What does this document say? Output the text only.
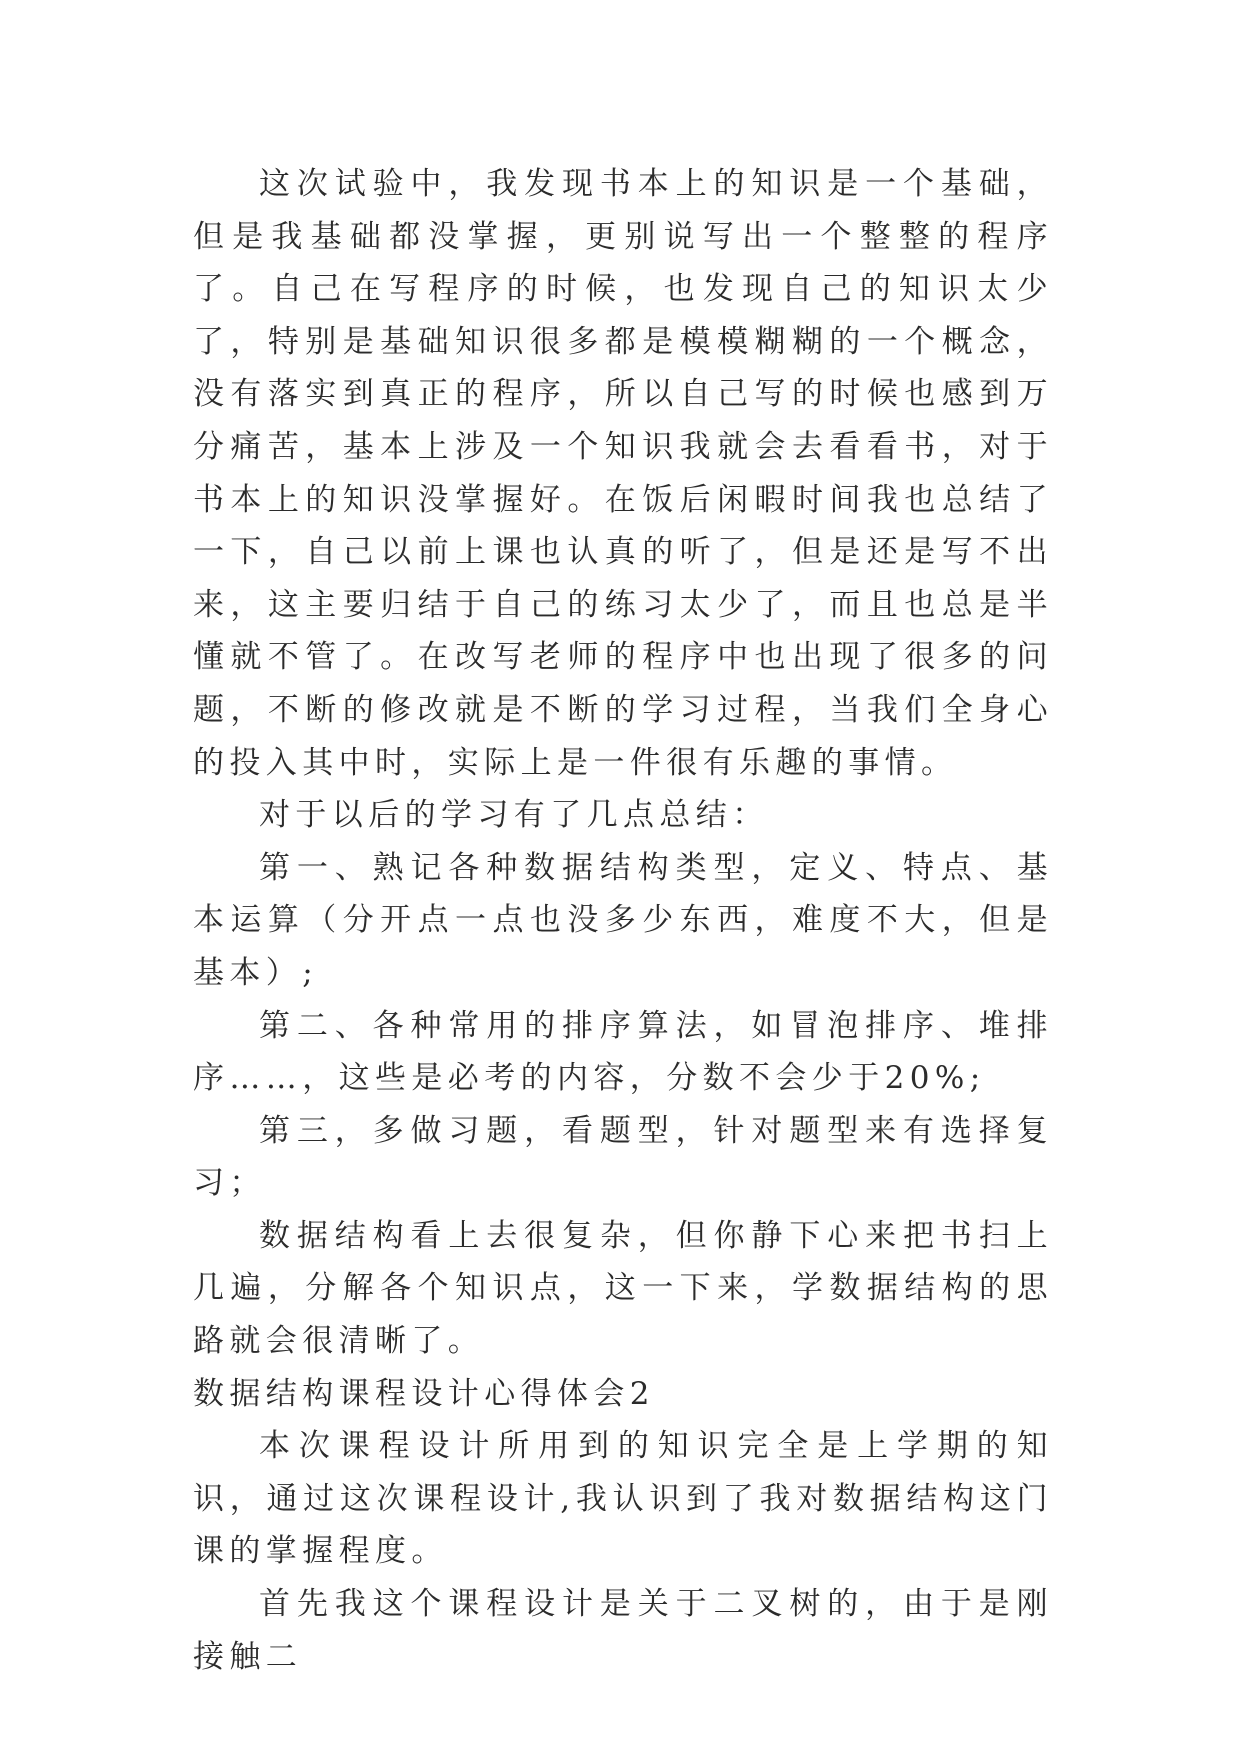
这次试验中，我发现书本上的知识是一个基础，但是我基础都没掌握，更别说写出一个整整的程序了。自己在写程序的时候，也发现自己的知识太少了，特别是基础知识很多都是模模糊糊的一个概念，没有落实到真正的程序，所以自己写的时候也感到万分痛苦，基本上涉及一个知识我就会去看看书，对于书本上的知识没掌握好。在饭后闲暇时间我也总结了一下，自己以前上课也认真的听了，但是还是写不出来，这主要归结于自己的练习太少了，而且也总是半懂就不管了。在改写老师的程序中也出现了很多的问题，不断的修改就是不断的学习过程，当我们全身心的投入其中时，实际上是一件很有乐趣的事情。

对于以后的学习有了几点总结：

第一、熟记各种数据结构类型，定义、特点、基本运算（分开点一点也没多少东西，难度不大，但是基本）;

第二、各种常用的排序算法，如冒泡排序、堆排序……，这些是必考的内容，分数不会少于20%;

第三，多做习题，看题型，针对题型来有选择复习；

数据结构看上去很复杂，但你静下心来把书扫上几遍，分解各个知识点，这一下来，学数据结构的思路就会很清晰了。

数据结构课程设计心得体会2

本次课程设计所用到的知识完全是上学期的知识，通过这次课程设计,我认识到了我对数据结构这门课的掌握程度。

首先我这个课程设计是关于二叉树的，由于是刚接触二
